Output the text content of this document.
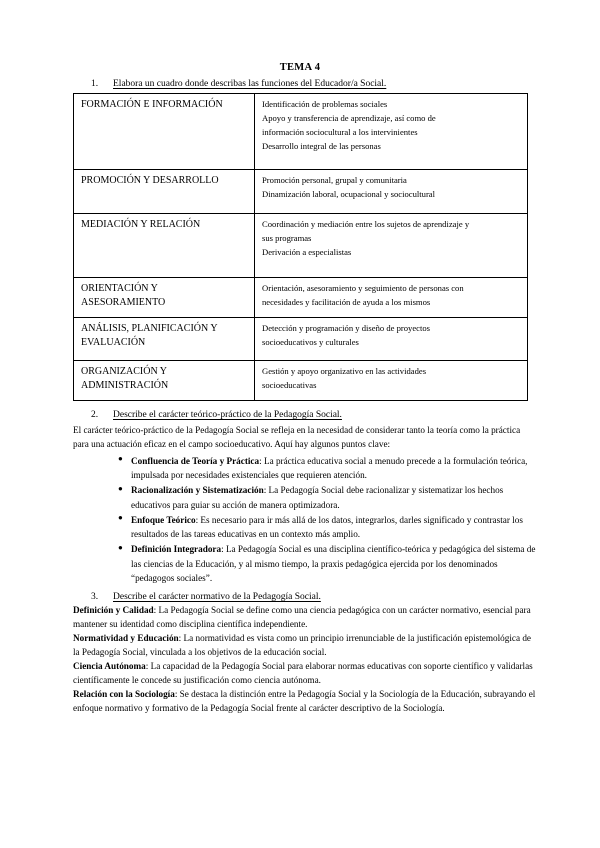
TEMA 4
1.	Elabora un cuadro donde describas las funciones del Educador/a Social.
FORMACIÓN E INFORMACIÓN	Identificación de problemas sociales
Apoyo y transferencia de aprendizaje, así como de
información sociocultural a los intervinientes
Desarrollo integral de las personas

PROMOCIÓN Y DESARROLLO	Promoción personal, grupal y comunitaria
Dinamización laboral, ocupacional y sociocultural

MEDIACIÓN Y RELACIÓN	Coordinación y mediación entre los sujetos de aprendizaje y
sus programas
Derivación a especialistas

ORIENTACIÓN Y
ASESORAMIENTO	Orientación, asesoramiento y seguimiento de personas con
necesidades y facilitación de ayuda a los mismos

ANÁLISIS, PLANIFICACIÓN Y
EVALUACIÓN	Detección y programación y diseño de proyectos
socioeducativos y culturales

ORGANIZACIÓN Y
ADMINISTRACIÓN	Gestión y apoyo organizativo en las actividades
socioeducativas
2.	Describe el carácter teórico-práctico de la Pedagogía Social.

El carácter teórico-práctico de la Pedagogía Social se refleja en la necesidad de considerar tanto la teoría como la práctica para una actuación eficaz en el campo socioeducativo. Aquí hay algunos puntos clave:

● Confluencia de Teoría y Práctica: La práctica educativa social a menudo precede a la formulación teórica, impulsada por necesidades existenciales que requieren atención.
● Racionalización y Sistematización: La Pedagogía Social debe racionalizar y sistematizar los hechos educativos para guiar su acción de manera optimizadora.
● Enfoque Teórico: Es necesario para ir más allá de los datos, integrarlos, darles significado y contrastar los resultados de las tareas educativas en un contexto más amplio.
● Definición Integradora: La Pedagogía Social es una disciplina científico-teórica y pedagógica del sistema de las ciencias de la Educación, y al mismo tiempo, la praxis pedagógica ejercida por los denominados “pedagogos sociales”.
3.	Describe el carácter normativo de la Pedagogía Social.

Definición y Calidad: La Pedagogía Social se define como una ciencia pedagógica con un carácter normativo, esencial para mantener su identidad como disciplina científica independiente.

Normatividad y Educación: La normatividad es vista como un principio irrenunciable de la justificación epistemológica de la Pedagogía Social, vinculada a los objetivos de la educación social.

Ciencia Autónoma: La capacidad de la Pedagogía Social para elaborar normas educativas con soporte científico y validarlas científicamente le concede su justificación como ciencia autónoma.

Relación con la Sociología: Se destaca la distinción entre la Pedagogía Social y la Sociología de la Educación, subrayando el enfoque normativo y formativo de la Pedagogía Social frente al carácter descriptivo de la Sociología.
